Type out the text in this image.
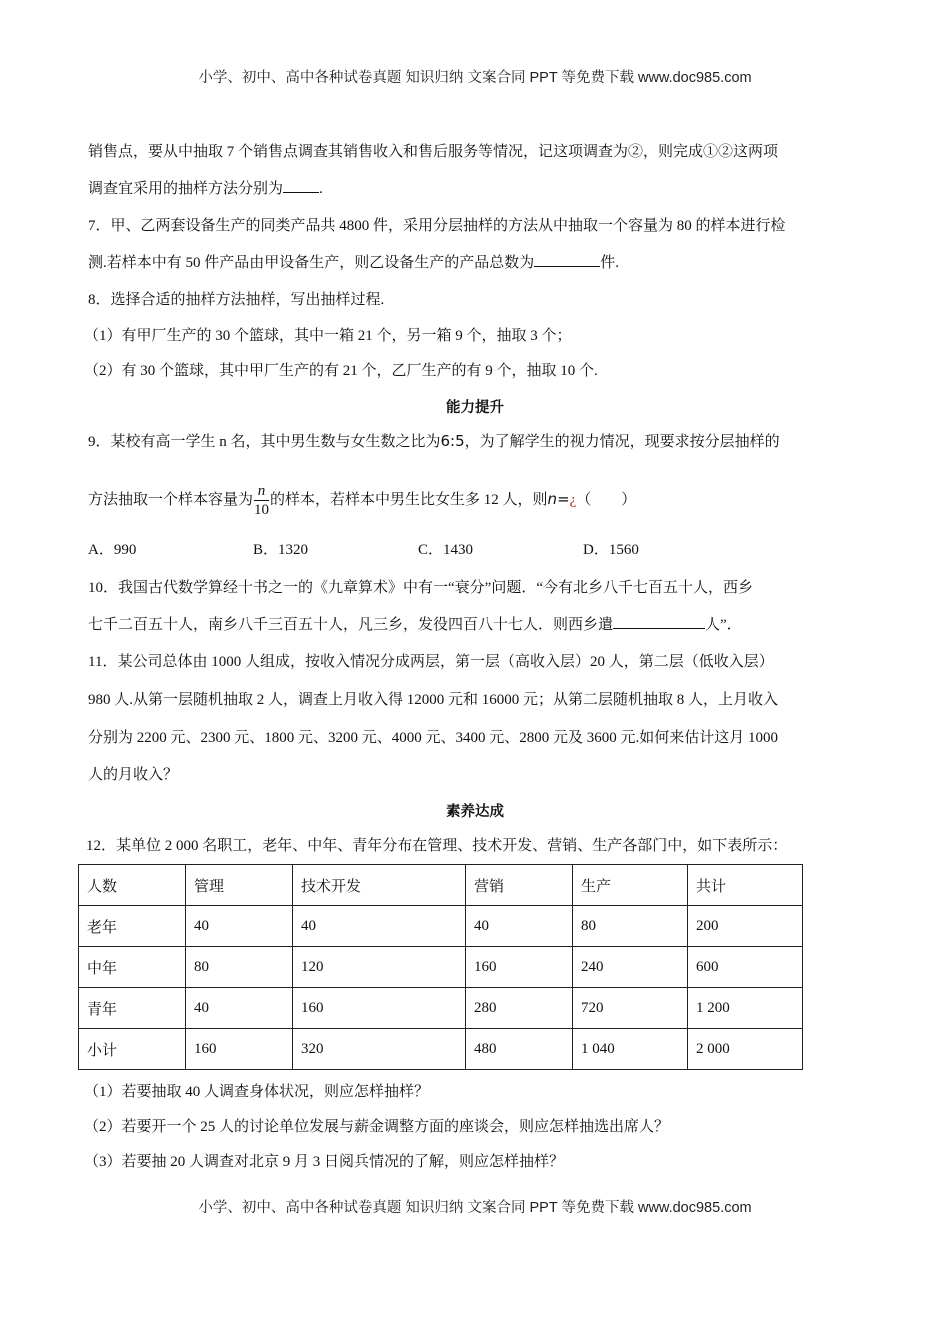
小学、初中、高中各种试卷真题 知识归纳 文案合同 PPT 等免费下载 www.doc985.com
销售点，要从中抽取 7 个销售点调查其销售收入和售后服务等情况，记这项调查为②，则完成①②这两项
调查宜采用的抽样方法分别为 .
7．甲、乙两套设备生产的同类产品共 4800 件，采用分层抽样的方法从中抽取一个容量为 80 的样本进行检
测.若样本中有 50 件产品由甲设备生产，则乙设备生产的产品总数为	件.
8．选择合适的抽样方法抽样，写出抽样过程.
（1）有甲厂生产的 30 个篮球，其中一箱 21 个，另一箱 9 个，抽取 3 个；
（2）有 30 个篮球，其中甲厂生产的有 21 个，乙厂生产的有 9 个，抽取 10 个.
能力提升
9．某校有高一学生 n 名，其中男生数与女生数之比为6:5，为了解学生的视力情况，现要求按分层抽样的
方法抽取一个样本容量为 $\frac{n}{10}$ 的样本，若样本中男生比女生多 12 人，则n=¿（　　）
A．990	B．1320	C．1430	D．1560
10．我国古代数学算经十书之一的《九章算术》中有一“衰分”问题．“今有北乡八千七百五十人，西乡
七千二百五十人，南乡八千三百五十人，凡三乡，发役四百八十七人．则西乡遣	人”．
11．某公司总体由 1000 人组成，按收入情况分成两层，第一层（高收入层）20 人，第二层（低收入层）
980 人.从第一层随机抽取 2 人，调查上月收入得 12000 元和 16000 元；从第二层随机抽取 8 人，上月收入
分别为 2200 元、2300 元、1800 元、3200 元、4000 元、3400 元、2800 元及 3600 元.如何来估计这月 1000
人的月收入？
素养达成
12．某单位 2 000 名职工，老年、中年、青年分布在管理、技术开发、营销、生产各部门中，如下表所示：
人数	管理	技术开发	营销	生产	共计
老年	40	40	40	80	200
中年	80	120	160	240	600
青年	40	160	280	720	1 200
小计	160	320	480	1 040	2 000
（1）若要抽取 40 人调查身体状况，则应怎样抽样？
（2）若要开一个 25 人的讨论单位发展与薪金调整方面的座谈会，则应怎样抽选出席人？
（3）若要抽 20 人调查对北京 9 月 3 日阅兵情况的了解，则应怎样抽样？
小学、初中、高中各种试卷真题 知识归纳 文案合同 PPT 等免费下载 www.doc985.com
